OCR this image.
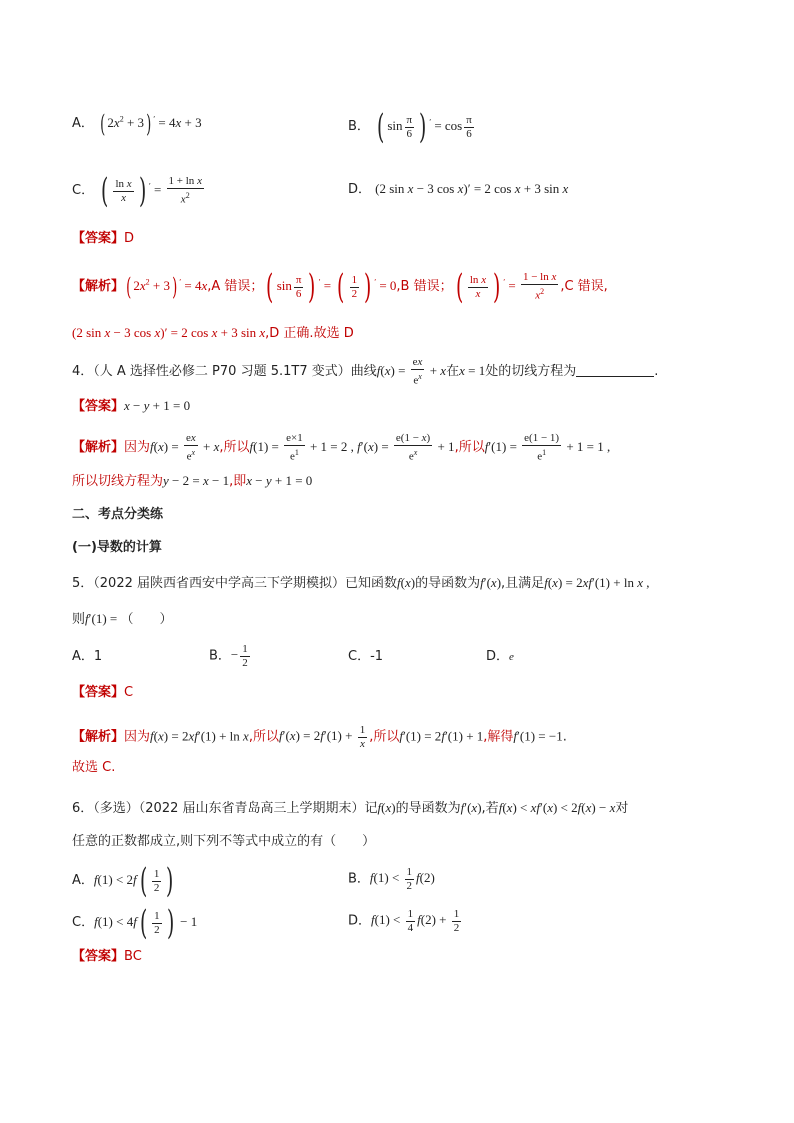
A． ( $2x^2 + 3$) ′ = 4x + 3	B． ( $\sin \frac{\pi}{6}$ ) $' = \cos \frac{\pi}{6}$
C． ( $\frac{\text{ln x}}{x}$ ) $' = \frac{\text{1 + ln x}}{x^2}$	D． (2 sin x − 3 cos x)′ = 2 cos x + 3 sin x
【答案】D
【解析】( $2x^2 + 3$) ′ = 4x,A 错误；( $\sin \frac{\pi}{6}$ ) ′ = ( $\frac{1}{2}$ ) ′ = 0,B 错误；( $\frac{\text{ln x}}{x}$ ) $' = \frac{\text{1 − ln x}}{x^2} ,C$ 错误,
(2 sin x − 3 cos x)′ = 2 cos x + 3 sin x,D 正确.故选 D
4．（人 A 选择性必修二 P70 习题 5.1T7 变式）曲线$f(x) = \frac{ex}{e^x} + x$在x = 1处的切线方程为	.
【答案】x − y + 1 = 0
【解析】因为$f(x) = \frac{ex}{e^x} + x$,所以$f(1) = \frac{e\times 1}{e^1} + 1 = 2$ , $f'(x) = \frac{e(1 - x)}{e^x} + 1$,所以$f'(1) = \frac{e(1 - 1)}{e^1} + 1 = 1$ ,
所以切线方程为y − 2 = x − 1,即x − y + 1 = 0
二、考点分类练
(一)导数的计算
5．（2022 届陕西省西安中学高三下学期模拟）已知函数f(x)的导函数为f′(x),且满足f(x) = 2xf′(1) + ln x ,
则f′(1) = （　　）
A．1	B．− $\frac{1}{2}$	C．-1	D．e
【答案】C
【解析】因为f(x) = 2xf′(1) + ln x,所以$f'(x) = 2f'(1) + \frac{1}{x}$ ,所以f′(1) = 2f′(1) + 1,解得f′(1) = −1.
故选 C.
6．（多选）（2022 届山东省青岛高三上学期期末）记f(x)的导函数为f′(x),若f(x) < xf′(x) < 2f(x) − x对
任意的正数都成立,则下列不等式中成立的有（　　）
A．$f(1) < 2f( \frac{1}{2}$ )	B．$f(1) < \frac{1}{2} f(2)$
C．$f(1) < 4f( \frac{1}{2}$ ) − 1	D．$f(1) < \frac{1}{4} f(2) + \frac{1}{2}$
【答案】BC
